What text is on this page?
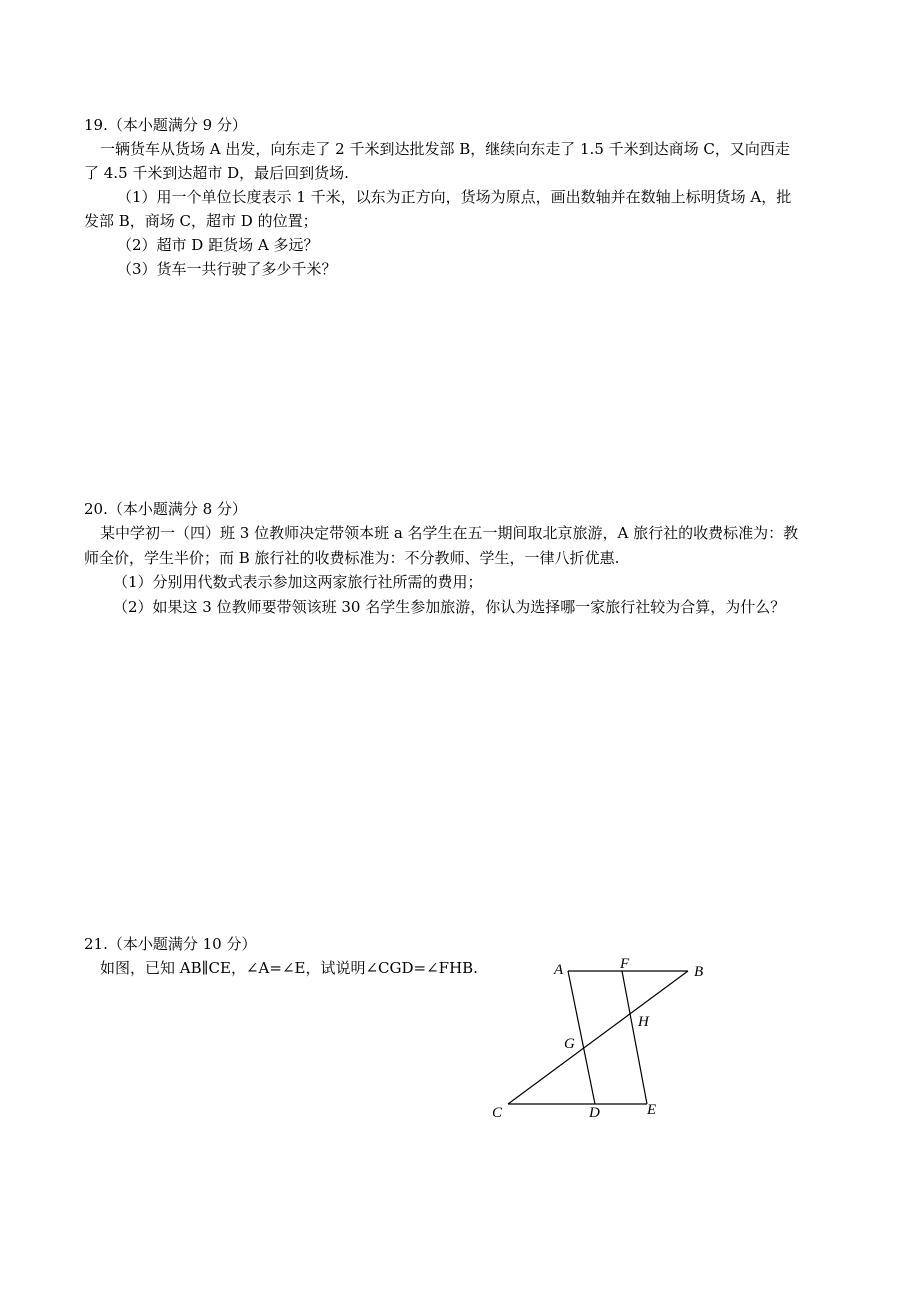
19.（本小题满分 9 分）
一辆货车从货场 A 出发，向东走了 2 千米到达批发部 B，继续向东走了 1.5 千米到达商场 C，又向西走
了 4.5 千米到达超市 D，最后回到货场.
（1）用一个单位长度表示 1 千米，以东为正方向，货场为原点，画出数轴并在数轴上标明货场 A，批
发部 B，商场 C，超市 D 的位置；
（2）超市 D 距货场 A 多远？
（3）货车一共行驶了多少千米？
20.（本小题满分 8 分）
某中学初一（四）班 3 位教师决定带领本班 a 名学生在五一期间取北京旅游，A 旅行社的收费标准为：教
师全价，学生半价；而 B 旅行社的收费标准为：不分教师、学生，一律八折优惠.
（1）分别用代数式表示参加这两家旅行社所需的费用；
（2）如果这 3 位教师要带领该班 30 名学生参加旅游，你认为选择哪一家旅行社较为合算，为什么？
21.（本小题满分 10 分）
如图，已知 AB∥CE，∠A=∠E，试说明∠CGD=∠FHB.	A	F	B
H
G
C	D	E
